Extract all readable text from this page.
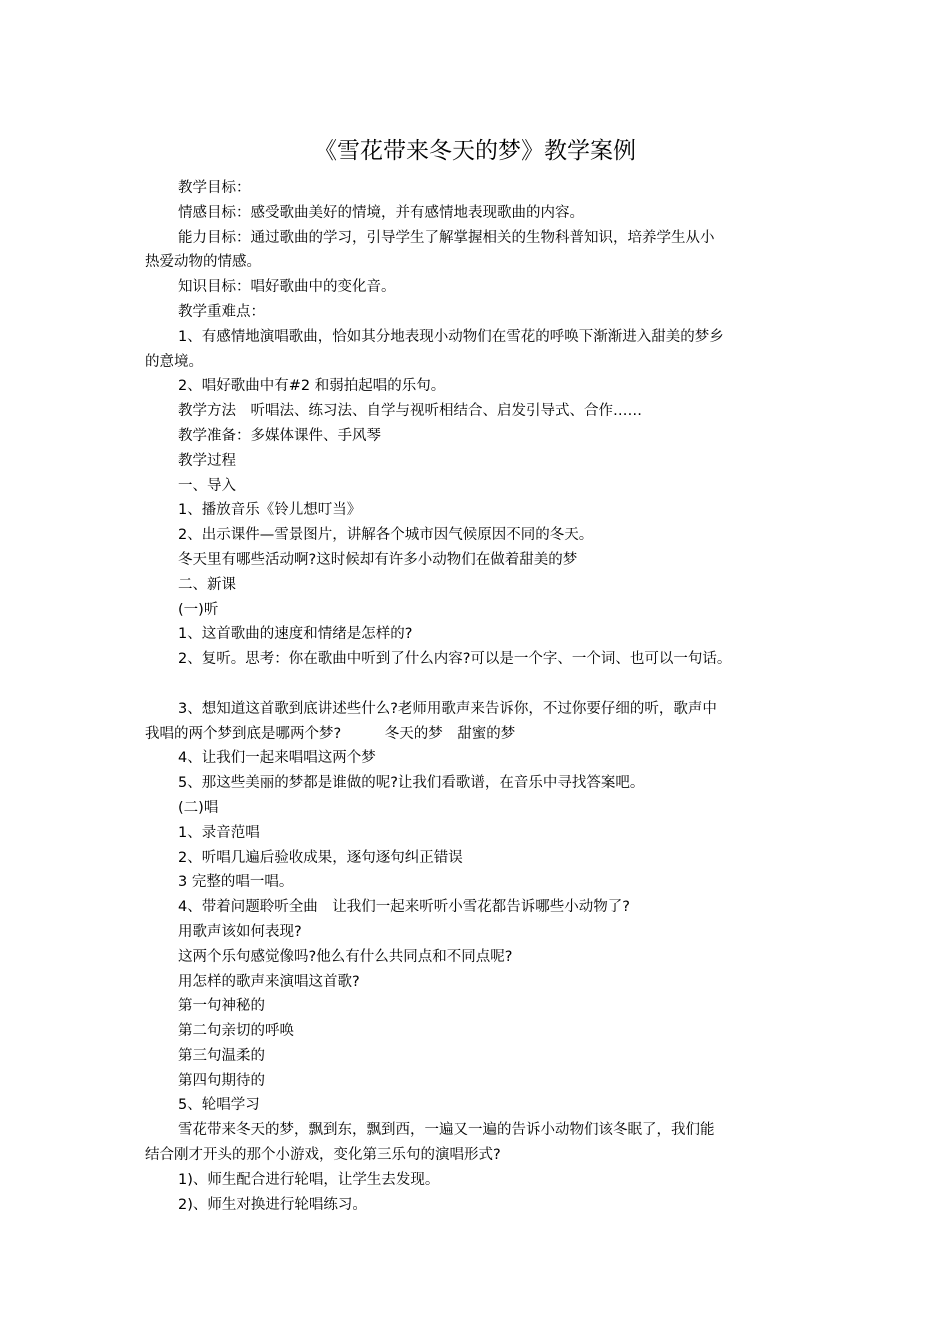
《雪花带来冬天的梦》教学案例
教学目标：
情感目标：感受歌曲美好的情境，并有感情地表现歌曲的内容。
能力目标：通过歌曲的学习，引导学生了解掌握相关的生物科普知识，培养学生从小
热爱动物的情感。
知识目标：唱好歌曲中的变化音。
教学重难点：
1、有感情地演唱歌曲，恰如其分地表现小动物们在雪花的呼唤下渐渐进入甜美的梦乡
的意境。
2、唱好歌曲中有#2 和弱拍起唱的乐句。
教学方法　听唱法、练习法、自学与视听相结合、启发引导式、合作……
教学准备：多媒体课件、手风琴
教学过程
一、导入
1、播放音乐《铃儿想叮当》
2、出示课件—雪景图片，讲解各个城市因气候原因不同的冬天。
冬天里有哪些活动啊?这时候却有许多小动物们在做着甜美的梦
二、新课
(一)听
1、这首歌曲的速度和情绪是怎样的?
2、复听。思考：你在歌曲中听到了什么内容?可以是一个字、一个词、也可以一句话。
3、想知道这首歌到底讲述些什么?老师用歌声来告诉你，不过你要仔细的听，歌声中
我唱的两个梦到底是哪两个梦?　　　冬天的梦　甜蜜的梦
4、让我们一起来唱唱这两个梦
5、那这些美丽的梦都是谁做的呢?让我们看歌谱，在音乐中寻找答案吧。
(二)唱
1、录音范唱
2、听唱几遍后验收成果，逐句逐句纠正错误
3 完整的唱一唱。
4、带着问题聆听全曲　让我们一起来听听小雪花都告诉哪些小动物了?
用歌声该如何表现?
这两个乐句感觉像吗?他么有什么共同点和不同点呢?
用怎样的歌声来演唱这首歌?
第一句神秘的
第二句亲切的呼唤
第三句温柔的
第四句期待的
5、轮唱学习
雪花带来冬天的梦，飘到东，飘到西，一遍又一遍的告诉小动物们该冬眠了，我们能
结合刚才开头的那个小游戏，变化第三乐句的演唱形式?
1)、师生配合进行轮唱，让学生去发现。
2)、师生对换进行轮唱练习。
